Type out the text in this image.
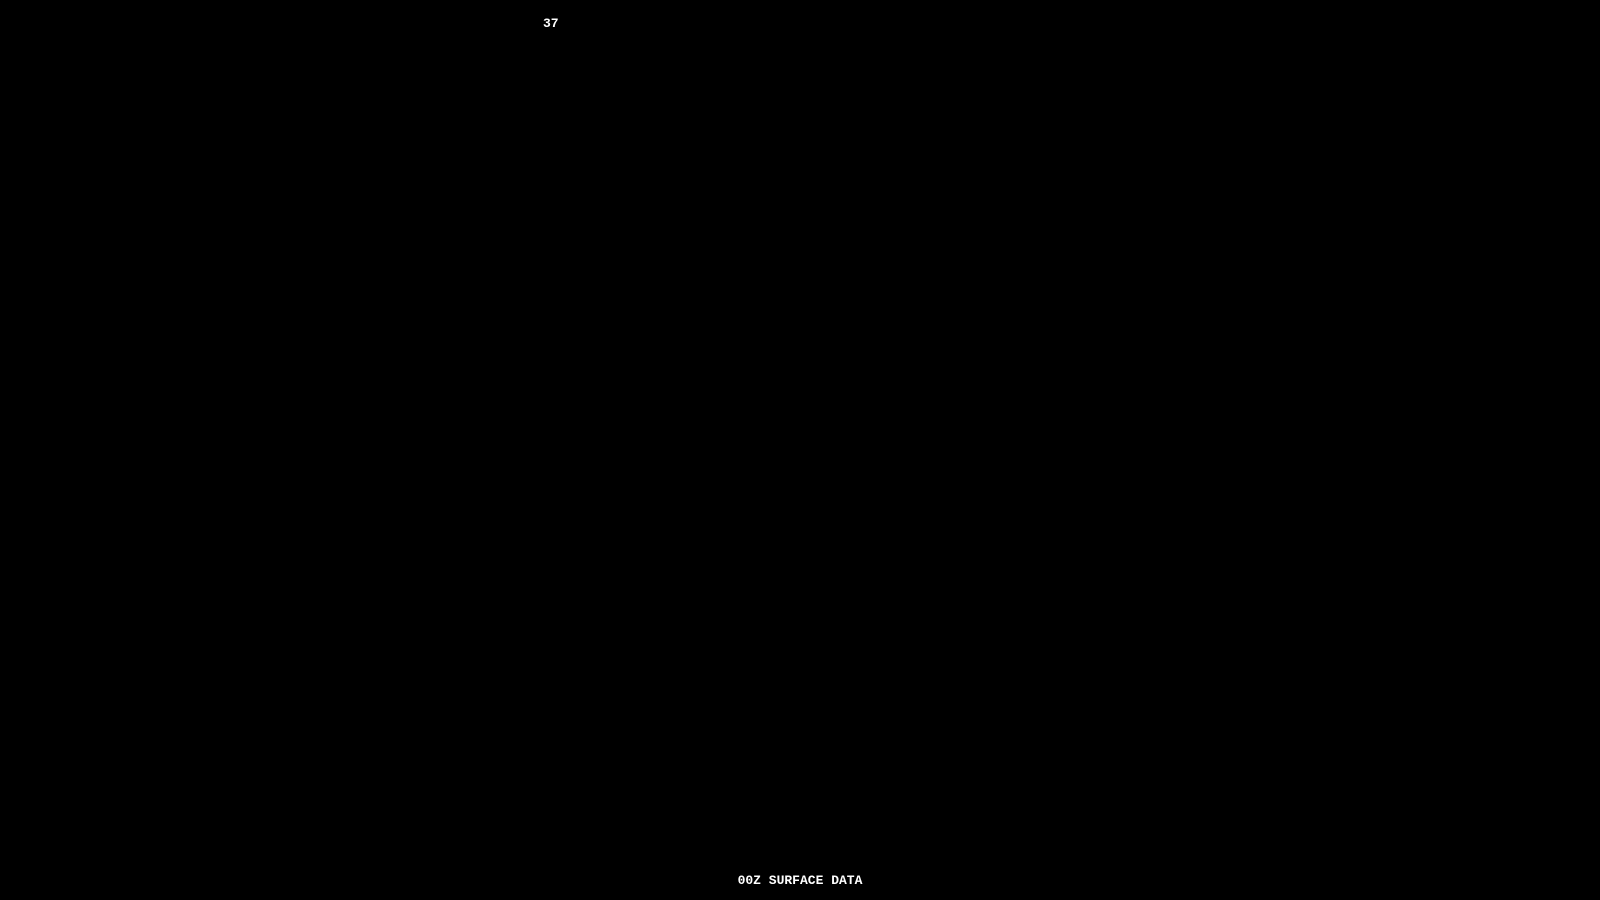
37
00Z SURFACE DATA
